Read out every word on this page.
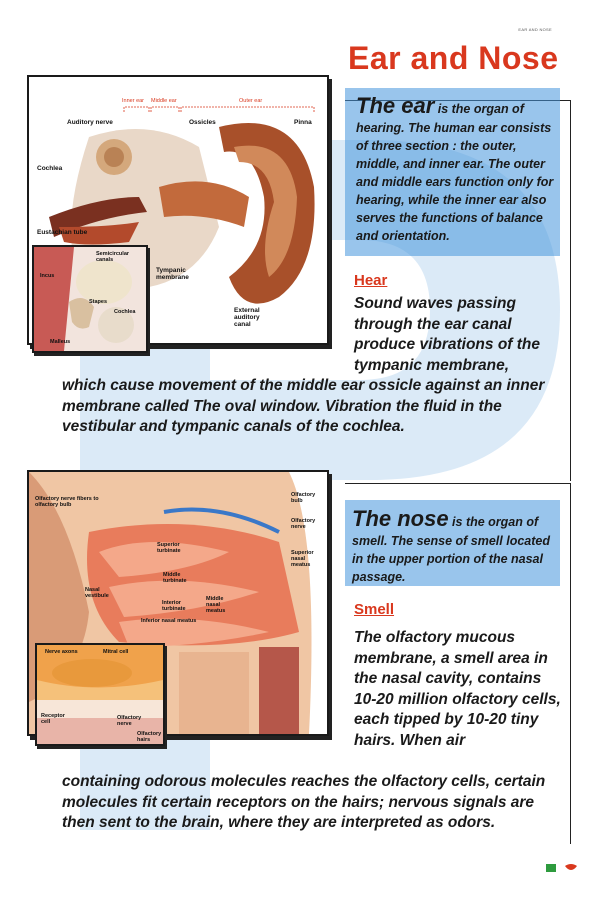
EAR AND NOSE
Ear and Nose
The ear is the organ of hearing. The human ear consists of three section : the outer, middle, and inner ear. The outer and middle ears function only for hearing, while the inner ear also serves the functions of balance and orientation.
Hear
Sound waves passing through the ear canal produce vibrations of the tympanic membrane,
which cause movement of the middle ear ossicle against an inner membrane called The oval window. Vibration the fluid in the vestibular and tympanic canals of the cochlea.
Inner ear Middle ear	Outer ear
Auditory nerve	Ossicles	Pinna
Cochlea
Eustachian tube
Tympanic membrane
External auditory canal
Semicircular canals
Incus
Stapes
Cochlea
Malleus
The nose is the organ of smell. The sense of smell located in the upper portion of the nasal passage.
Smell
The olfactory mucous membrane, a smell area in the nasal cavity, contains 10-20 million olfactory cells, each tipped by 10-20 tiny hairs. When air
containing odorous molecules reaches the olfactory cells, certain molecules fit certain receptors on the hairs; nervous signals are then sent to the brain, where they are interpreted as odors.
Olfactory nerve fibers to olfactory bulb
Olfactory bulb
Olfactory nerve
Superior turbinate	Superior nasal meatus
Middle turbinate
Nasal vestibule
Interior turbinate
Middle nasal meatus
Inferior nasal meatus
Nerve axons	Mitral cell
Receptor cell
Olfactory nerve
Olfactory hairs
